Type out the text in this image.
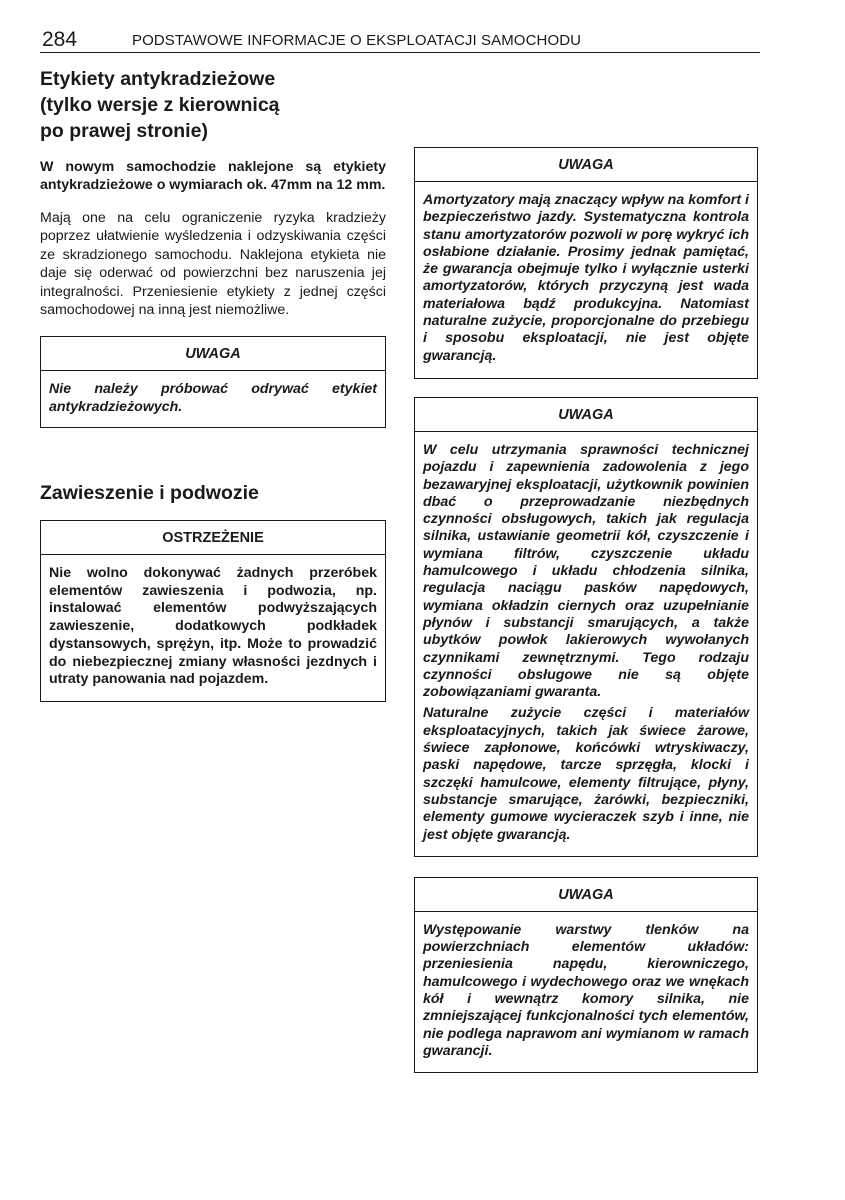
284	PODSTAWOWE INFORMACJE O EKSPLOATACJI SAMOCHODU
Etykiety antykradzieżowe
(tylko wersje z kierownicą
po prawej stronie)

W nowym samochodzie naklejone są etykiety antykradzieżowe o wymiarach ok. 47mm na 12 mm.

Mają one na celu ograniczenie ryzyka kradzieży poprzez ułatwienie wyśledzenia i odzyskiwania części ze skradzionego samochodu. Naklejona etykieta nie daje się oderwać od powierzchni bez naruszenia jej integralności. Przeniesienie etykiety z jednej części samochodowej na inną jest niemożliwe.

UWAGA

Nie należy próbować odrywać etykiet antykradzieżowych.

Zawieszenie i podwozie
OSTRZEŻENIE

Nie wolno dokonywać żadnych przeróbek elementów zawieszenia i podwozia, np. instalować elementów podwyższających zawieszenie, dodatkowych podkładek dystansowych, sprężyn, itp. Może to prowadzić do niebezpiecznej zmiany własności jezdnych i utraty panowania nad pojazdem.

UWAGA

Amortyzatory mają znaczący wpływ na komfort i bezpieczeństwo jazdy. Systematyczna kontrola stanu amortyzatorów pozwoli w porę wykryć ich osłabione działanie. Prosimy jednak pamiętać, że gwarancja obejmuje tylko i wyłącznie usterki amortyzatorów, których przyczyną jest wada materiałowa bądź produkcyjna. Natomiast naturalne zużycie, proporcjonalne do przebiegu i sposobu eksploatacji, nie jest objęte gwarancją.

UWAGA

W celu utrzymania sprawności technicznej pojazdu i zapewnienia zadowolenia z jego bezawaryjnej eksploatacji, użytkownik powinien dbać o przeprowadzanie niezbędnych czynności obsługowych, takich jak regulacja silnika, ustawianie geometrii kół, czyszczenie i wymiana filtrów, czyszczenie układu hamulcowego i układu chłodzenia silnika, regulacja naciągu pasków napędowych, wymiana okładzin ciernych oraz uzupełnianie płynów i substancji smarujących, a także ubytków powłok lakierowych wywołanych czynnikami zewnętrznymi. Tego rodzaju czynności obsługowe nie są objęte zobowiązaniami gwaranta.

Naturalne zużycie części i materiałów eksploatacyjnych, takich jak świece żarowe, świece zapłonowe, końcówki wtryskiwaczy, paski napędowe, tarcze sprzęgła, klocki i szczęki hamulcowe, elementy filtrujące, płyny, substancje smarujące, żarówki, bezpieczniki, elementy gumowe wycieraczek szyb i inne, nie jest objęte gwarancją.

UWAGA

Występowanie warstwy tlenków na powierzchniach elementów układów: przeniesienia napędu, kierowniczego, hamulcowego i wydechowego oraz we wnękach kół i wewnątrz komory silnika, nie zmniejszającej funkcjonalności tych elementów, nie podlega naprawom ani wymianom w ramach gwarancji.
